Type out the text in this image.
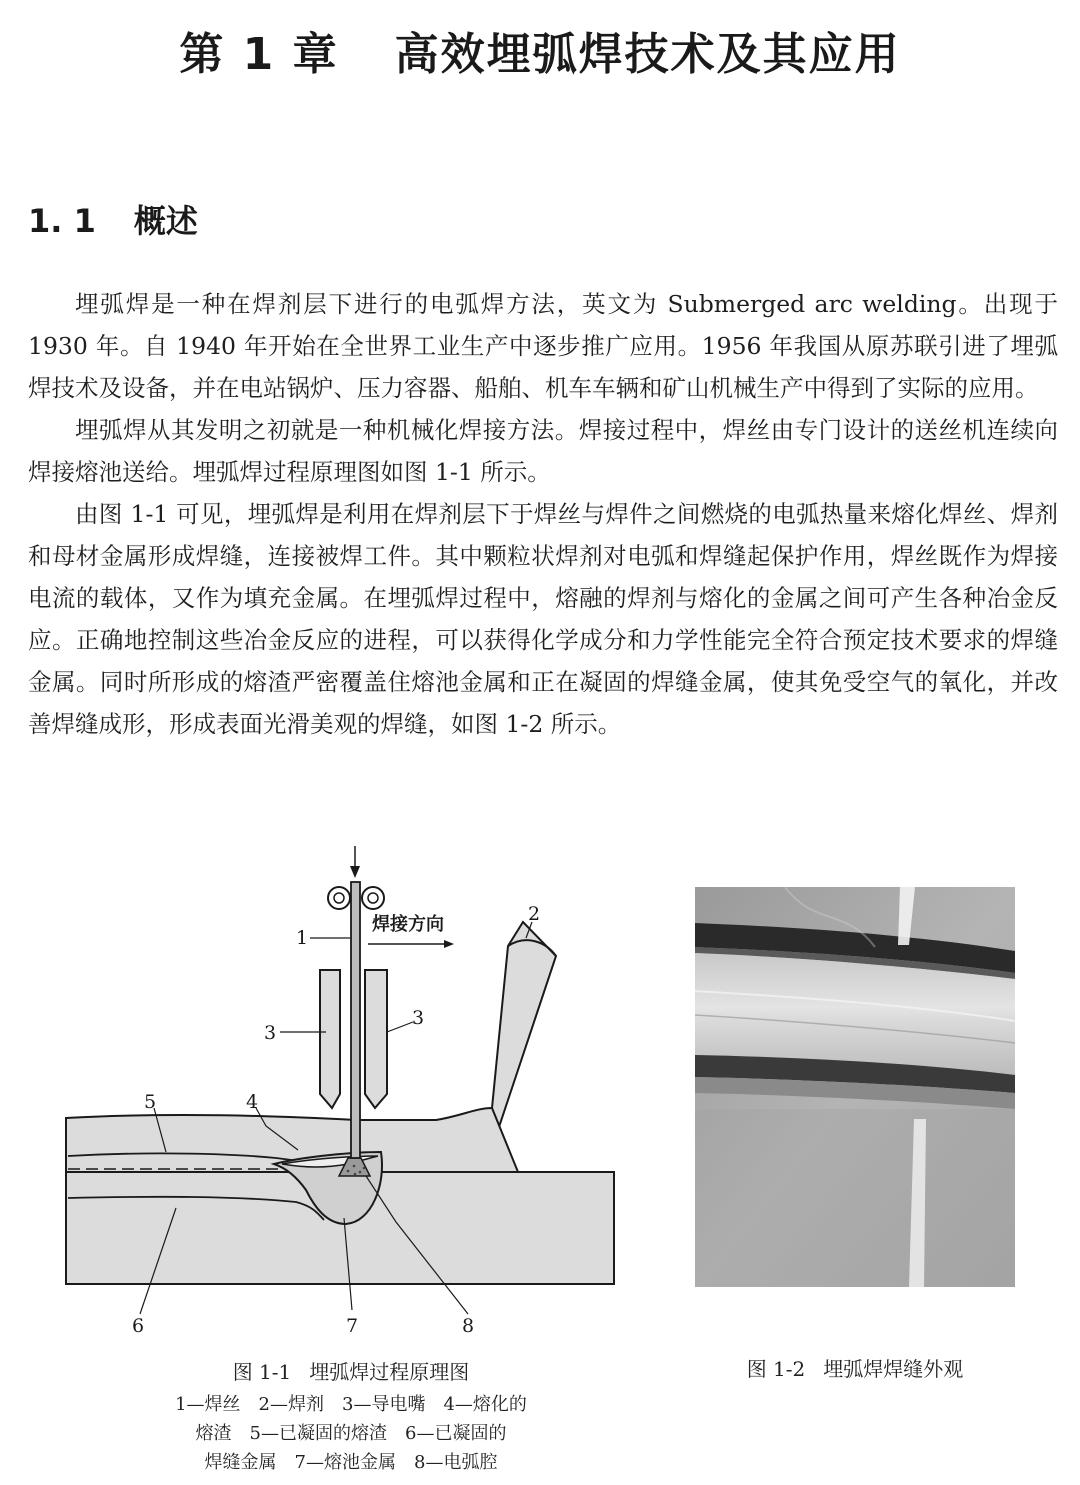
第 1 章 高效埋弧焊技术及其应用
1. 1 概述

埋弧焊是一种在焊剂层下进行的电弧焊方法，英文为 Submerged arc welding。出现于 1930 年。自 1940 年开始在全世界工业生产中逐步推广应用。1956 年我国从原苏联引进了埋弧焊技术及设备，并在电站锅炉、压力容器、船舶、机车车辆和矿山机械生产中得到了实际的应用。

埋弧焊从其发明之初就是一种机械化焊接方法。焊接过程中，焊丝由专门设计的送丝机连续向焊接熔池送给。埋弧焊过程原理图如图 1-1 所示。

由图 1-1 可见，埋弧焊是利用在焊剂层下于焊丝与焊件之间燃烧的电弧热量来熔化焊丝、焊剂和母材金属形成焊缝，连接被焊工件。其中颗粒状焊剂对电弧和焊缝起保护作用，焊丝既作为焊接电流的载体，又作为填充金属。在埋弧焊过程中，熔融的焊剂与熔化的金属之间可产生各种冶金反应。正确地控制这些冶金反应的进程，可以获得化学成分和力学性能完全符合预定技术要求的焊缝金属。同时所形成的熔渣严密覆盖住熔池金属和正在凝固的焊缝金属，使其免受空气的氧化，并改善焊缝成形，形成表面光滑美观的焊缝，如图 1-2 所示。

焊接方向
1
2
3
3
4
5
6	7	8
图 1-1 埋弧焊过程原理图
1—焊丝 2—焊剂 3—导电嘴 4—熔化的
熔渣 5—已凝固的熔渣 6—已凝固的
焊缝金属 7—熔池金属 8—电弧腔
图 1-2 埋弧焊焊缝外观
